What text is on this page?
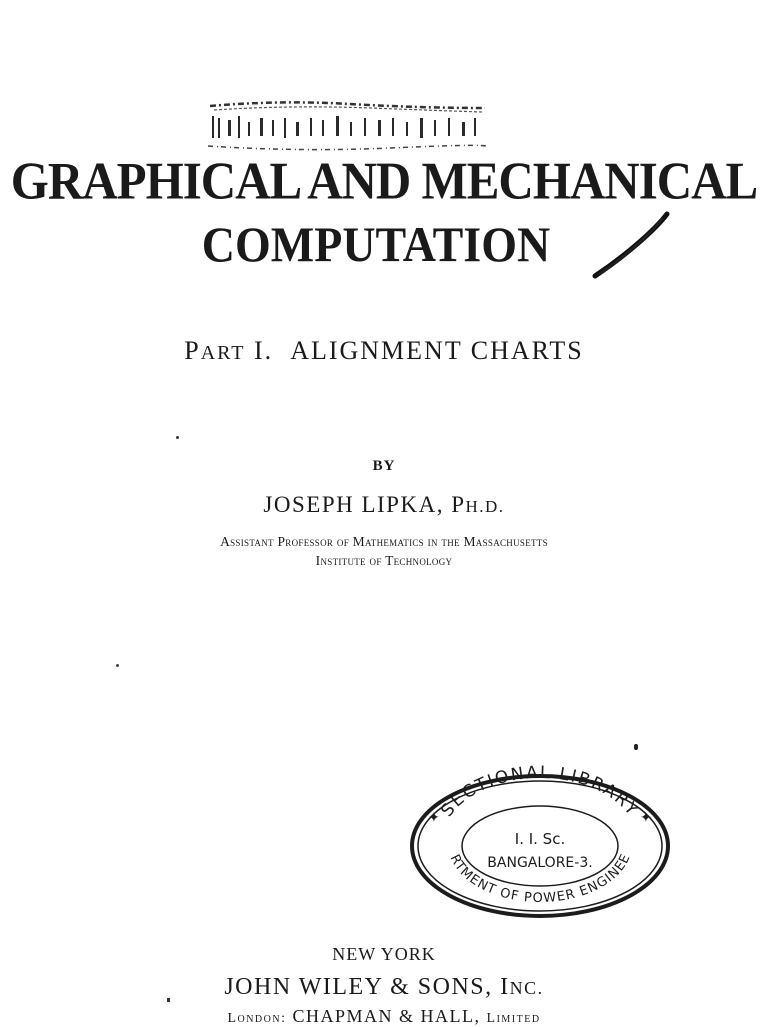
GRAPHICAL AND MECHANICAL
COMPUTATION
PART I. ALIGNMENT CHARTS
BY
JOSEPH LIPKA, PH.D.
Assistant Professor of Mathematics in the Massachusetts
Institute of Technology
SECTIONAL LIBRARY
RTMENT OF POWER ENGINEE
I. I. Sc.
BANGALORE-3.
✦	✦
NEW YORK
JOHN WILEY & SONS, INC.
London: CHAPMAN & HALL, Limited
